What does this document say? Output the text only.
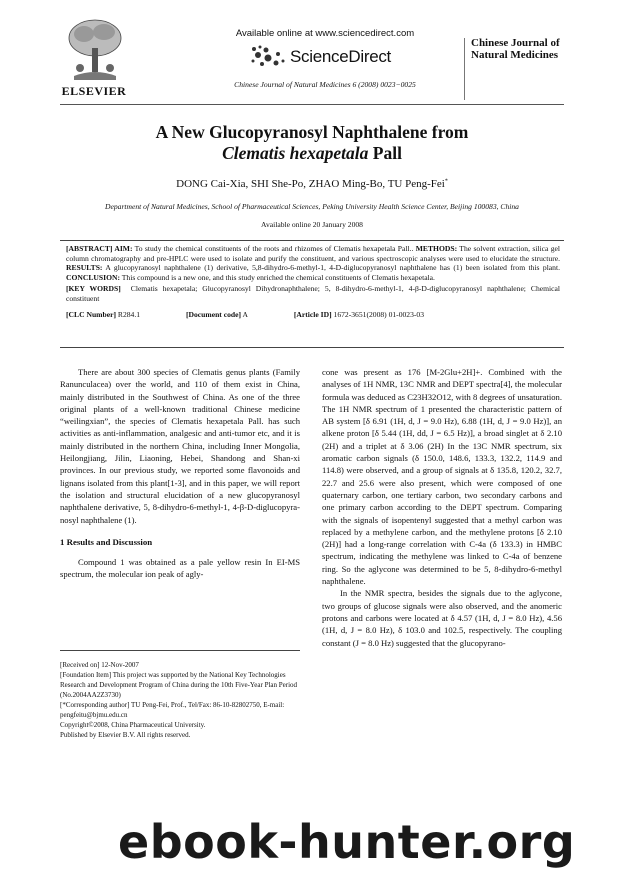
ELSEVIER
Available online at www.sciencedirect.com
ScienceDirect
Chinese Journal of Natural Medicines 6 (2008) 0023−0025
Chinese Journal of Natural Medicines
A New Glucopyranosyl Naphthalene from
Clematis hexapetala Pall
DONG Cai-Xia, SHI She-Po, ZHAO Ming-Bo, TU Peng-Fei*
Department of Natural Medicines, School of Pharmaceutical Sciences, Peking University Health Science Center, Beijing 100083, China
Available online 20 January 2008

[ABSTRACT] AIM: To study the chemical constituents of the roots and rhizomes of Clematis hexapetala Pall.. METHODS: The solvent extraction, silica gel column chromatography and pre-HPLC were used to isolate and purify the constituent, and various spectroscopic analyses were used to elucidate the structure. RESULTS: A glucopyranosyl naphthalene (1) derivative, 5,8-dihydro-6-methyl-1, 4-D-diglucopyranosyl naphthalene has (1) been isolated from this plant. CONCLUSION: This compound is a new one, and this study enriched the chemical constituents of Clematis hexapetala.

[KEY WORDS] Clematis hexapetala; Glucopyranosyl Dihydronaphthalene; 5, 8-dihydro-6-methyl-1, 4-β-D-diglucopyranosyl naphthalene; Chemical constituent

[CLC Number] R284.1	[Document code] A	[Article ID] 1672-3651(2008) 01-0023-03

There are about 300 species of Clematis genus plants (Family Ranunculacea) over the world, and 110 of them exist in China, mainly distributed in the Southwest of China. As one of the three original plants of a well-known traditional Chinese medicine “weilingxian”, the species of Clematis hexapetala Pall. has such activities as anti-inflammation, analgesic and anti-tumor etc, and it is mainly distributed in the northern China, including Inner Mongolia, Heilongjiang, Jilin, Liaoning, Hebei, Shandong and Shan-xi provinces. In our previous study, we reported some flavonoids and lignans isolated from this plant[1-3], and in this paper, we will report the isolation and structural elucidation of a new glucopyranosyl naphthalene derivative, 5, 8-dihydro-6-methyl-1, 4-β-D-diglucopyra-nosyl naphthalene (1).

1 Results and Discussion

Compound 1 was obtained as a pale yellow resin In EI-MS spectrum, the molecular ion peak of agly-

[Received on] 12-Nov-2007
[Foundation Item] This project was supported by the National Key Technologies Research and Development Program of China during the 10th Five-Year Plan Period (No.2004AA2Z3730)
[*Corresponding author] TU Peng-Fei, Prof., Tel/Fax: 86-10-82802750, E-mail: pengfeitu@bjmu.edu.cn
Copyright©2008, China Pharmaceutical University.
Published by Elsevier B.V. All rights reserved.

cone was present as 176 [M-2Glu+2H]+. Combined with the analyses of 1H NMR, 13C NMR and DEPT spectra[4], the molecular formula was deduced as C23H32O12, with 8 degrees of unsaturation. The 1H NMR spectrum of 1 presented the characteristic pattern of AB system [δ 6.91 (1H, d, J = 9.0 Hz), 6.88 (1H, d, J = 9.0 Hz)], an alkene proton [δ 5.44 (1H, dd, J = 6.5 Hz)], a broad singlet at δ 2.10 (2H) and a triplet at δ 3.06 (2H) In the 13C NMR spectrum, six aromatic carbon signals (δ 150.0, 148.6, 133.3, 132.2, 114.9 and 114.8) were observed, and a group of signals at δ 135.8, 120.2, 32.7, 22.7 and 25.6 were also present, which were composed of one quaternary carbon, one tertiary carbon, two secondary carbons and one primary carbon according to the DEPT spectrum. Comparing with the signals of isopentenyl suggested that a methyl carbon was replaced by a methylene carbon, and the methylene protons [δ 2.10 (2H)] had a long-range correlation with C-4a (δ 133.3) in HMBC spectrum, indicating the methylene was linked to C-4a of benzene ring. So the aglycone was determined to be 5, 8-dihydro-6-methyl naphthalene.

In the NMR spectra, besides the signals due to the aglycone, two groups of glucose signals were also observed, and the anomeric protons and carbons were located at δ 4.57 (1H, d, J = 8.0 Hz), 4.56 (1H, d, J = 8.0 Hz), δ 103.0 and 102.5, respectively. The coupling constant (J = 8.0 Hz) suggested that the glucopyrano-

ebook-hunter.org
